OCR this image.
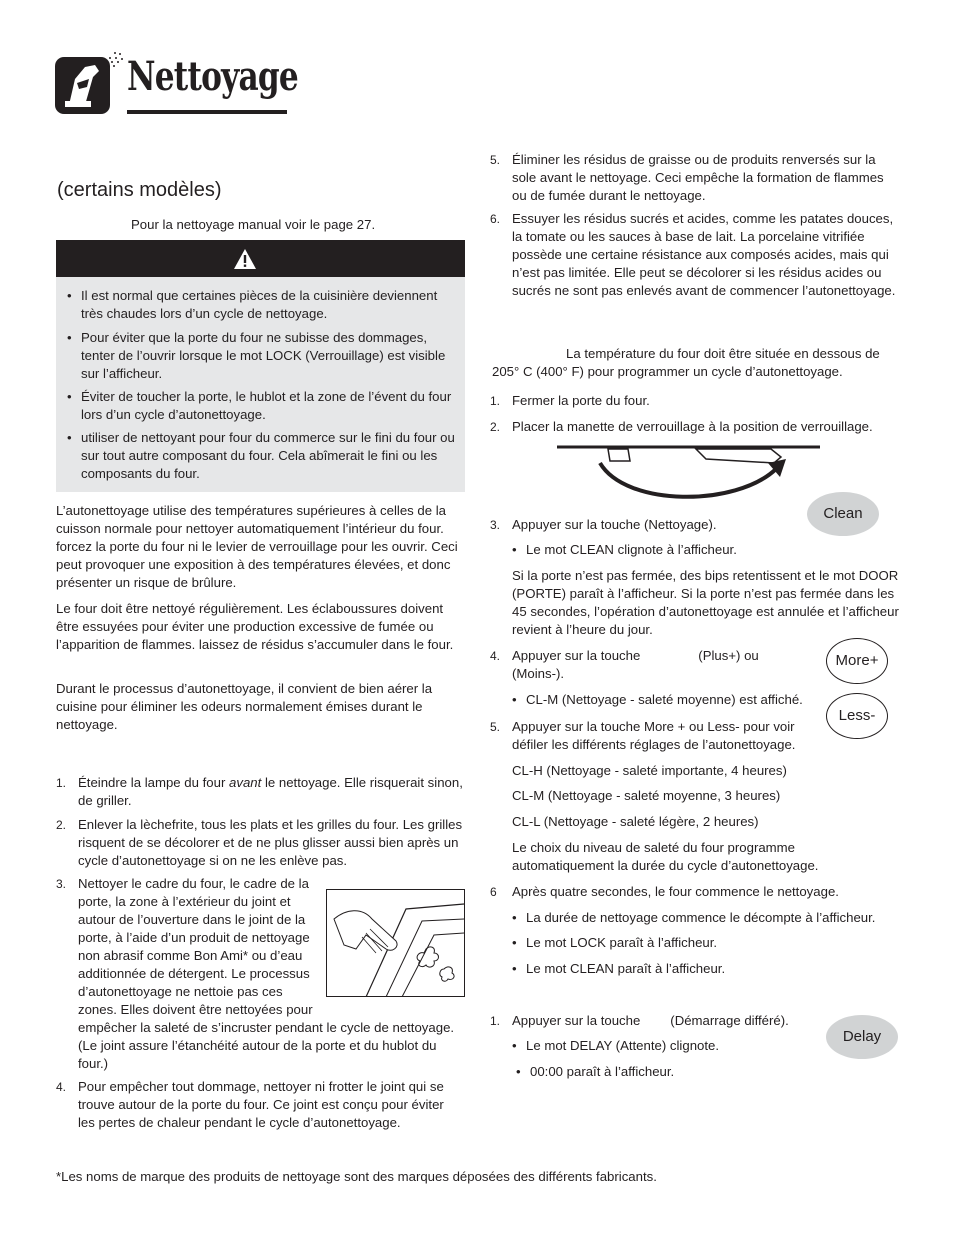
Nettoyage
(certains modèles)

Pour la nettoyage manual voir le page 27.

• Il est normal que certaines pièces de la cuisinière deviennent très chaudes lors d’un cycle de nettoyage.
• Pour éviter que la porte du four ne subisse des dommages, tenter de l’ouvrir lorsque le mot LOCK (Verrouillage) est visible sur l’afficheur.
• Éviter de toucher la porte, le hublot et la zone de l’évent du four lors d’un cycle d’autonettoyage.
• utiliser de nettoyant pour four du commerce sur le fini du four ou sur tout autre composant du four. Cela abîmerait le fini ou les composants du four.

L’autonettoyage utilise des températures supérieures à celles de la cuisson normale pour nettoyer automatiquement l’intérieur du four. forcez la porte du four ni le levier de verrouillage pour les ouvrir. Ceci peut provoquer une exposition à des températures élevées, et donc présenter un risque de brûlure.

Le four doit être nettoyé régulièrement. Les éclaboussures doivent être essuyées pour éviter une production excessive de fumée ou l’apparition de flammes. laissez de résidus s’accumuler dans le four.

Durant le processus d’autonettoyage, il convient de bien aérer la cuisine pour éliminer les odeurs normalement émises durant le nettoyage.

1. Éteindre la lampe du four avant le nettoyage. Elle risquerait sinon, de griller.
2. Enlever la lèchefrite, tous les plats et les grilles du four. Les grilles risquent de se décolorer et de ne plus glisser aussi bien après un cycle d’autonettoyage si on ne les enlève pas.
3. Nettoyer le cadre du four, le cadre de la porte, la zone à l’extérieur du joint et autour de l’ouverture dans le joint de la porte, à l’aide d’un produit de nettoyage non abrasif comme Bon Ami* ou d’eau additionnée de détergent. Le processus d’autonettoyage ne nettoie pas ces zones. Elles doivent être nettoyées pour
empêcher la saleté de s’incruster pendant le cycle de nettoyage. (Le joint assure l’étanchéité autour de la porte et du hublot du four.)
4. Pour empêcher tout dommage, nettoyer ni frotter le joint qui se trouve autour de la porte du four. Ce joint est conçu pour éviter les pertes de chaleur pendant le cycle d’autonettoyage.
5. Éliminer les résidus de graisse ou de produits renversés sur la sole avant le nettoyage. Ceci empêche la formation de flammes ou de fumée durant le nettoyage.
6. Essuyer les résidus sucrés et acides, comme les patates douces, la tomate ou les sauces à base de lait. La porcelaine vitrifiée possède une certaine résistance aux composés acides, mais qui n’est pas limitée. Elle peut se décolorer si les résidus acides ou sucrés ne sont pas enlevés avant de commencer l’autonettoyage.

La température du four doit être située en dessous de 205° C (400° F) pour programmer un cycle d’autonettoyage.

1. Fermer la porte du four.
2. Placer la manette de verrouillage à la position de verrouillage.
3. Appuyer sur la touche (Nettoyage).
Clean
• Le mot CLEAN clignote à l’afficheur.

Si la porte n’est pas fermée, des bips retentissent et le mot DOOR (PORTE) paraît à l’afficheur. Si la porte n’est pas fermée dans les 45 secondes, l’opération d’autonettoyage est annulée et l’afficheur revient à l’heure du jour.

4. Appuyer sur la touche	(Plus+) ou
(Moins-).
More+
Less-
• CL-M (Nettoyage - saleté moyenne) est affiché.
5. Appuyer sur la touche More + ou Less- pour voir défiler les différents réglages de l’autonettoyage.

CL-H (Nettoyage - saleté importante, 4 heures)

CL-M (Nettoyage - saleté moyenne, 3 heures)

CL-L (Nettoyage - saleté légère, 2 heures)

Le choix du niveau de saleté du four programme automatiquement la durée du cycle d’autonettoyage.

6 Après quatre secondes, le four commence le nettoyage.
• La durée de nettoyage commence le décompte à l’afficheur.
• Le mot LOCK paraît à l’afficheur.
• Le mot CLEAN paraît à l’afficheur.
1. Appuyer sur la touche (Démarrage différé).
Delay
• Le mot DELAY (Attente) clignote.
• 00:00 paraît à l’afficheur.

*Les noms de marque des produits de nettoyage sont des marques déposées des différents fabricants.
